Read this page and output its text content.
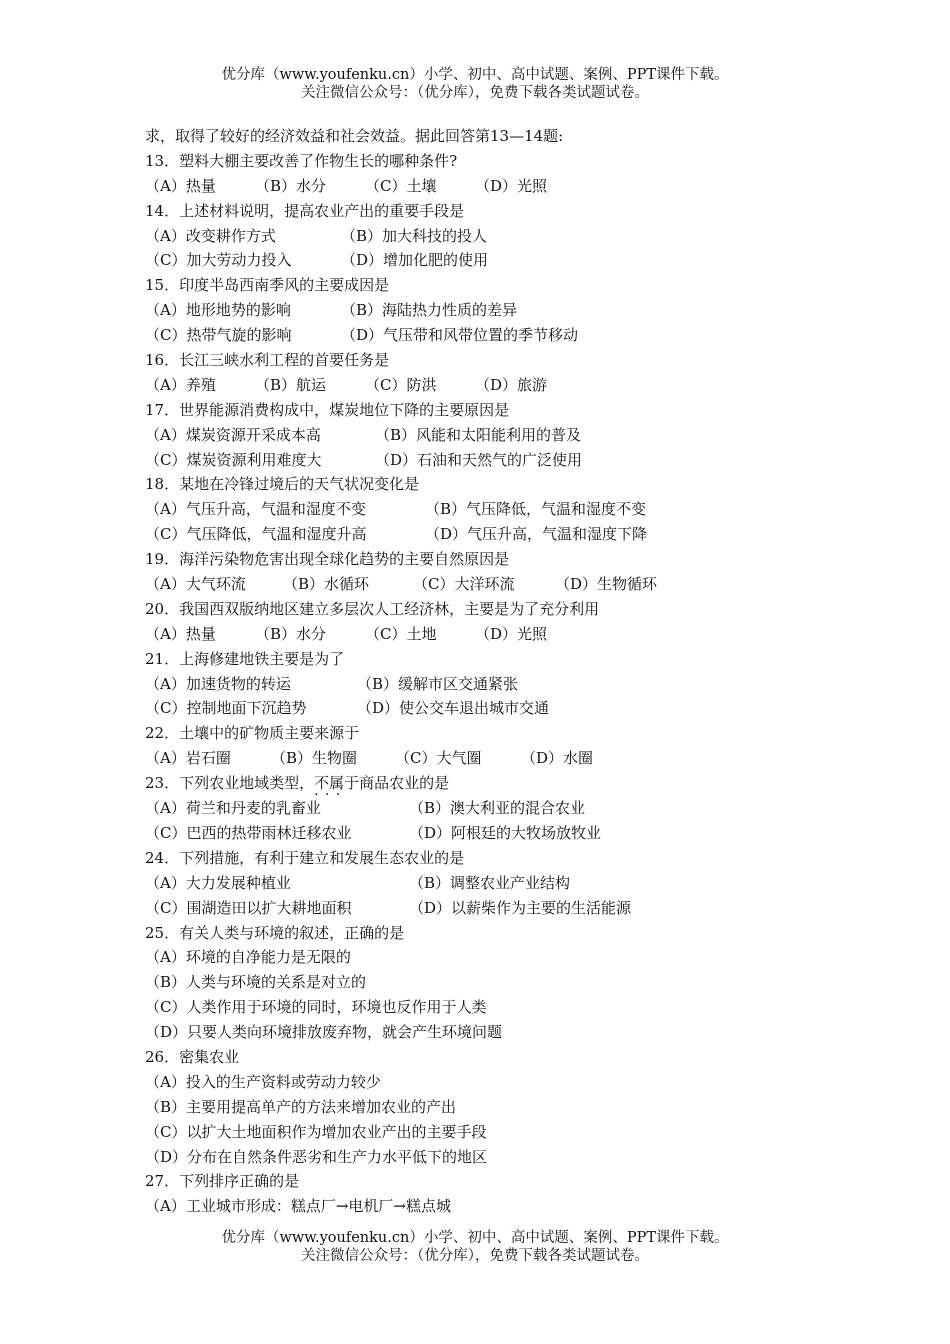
优分库（www.youfenku.cn）小学、初中、高中试题、案例、PPT课件下载。
关注微信公众号：（优分库），免费下载各类试题试卷。
求，取得了较好的经济效益和社会效益。据此回答第13—14题:
13．塑料大棚主要改善了作物生长的哪种条件?
（A）热量	（B）水分	（C）土壤	（D）光照
14．上述材料说明，提高农业产出的重要手段是
（A）改变耕作方式	（B）加大科技的投人
（C）加大劳动力投入	（D）增加化肥的使用
15．印度半岛西南季风的主要成因是
（A）地形地势的影响	（B）海陆热力性质的差异
（C）热带气旋的影响	（D）气压带和风带位置的季节移动
16．长江三峡水利工程的首要任务是
（A）养殖	（B）航运	（C）防洪	（D）旅游
17．世界能源消费构成中，煤炭地位下降的主要原因是
（A）煤炭资源开采成本高	（B）风能和太阳能利用的普及
（C）煤炭资源利用难度大	（D）石油和天然气的广泛使用
18．某地在冷锋过境后的天气状况变化是
（A）气压升高，气温和湿度不变	（B）气压降低，气温和湿度不变
（C）气压降低，气温和湿度升高	（D）气压升高，气温和湿度下降
19．海洋污染物危害出现全球化趋势的主要自然原因是
（A）大气环流	（B）水循环	（C）大洋环流	（D）生物循环
20．我国西双版纳地区建立多层次人工经济林，主要是为了充分利用
（A）热量	（B）水分	（C）土地	（D）光照
21．上海修建地铁主要是为了
（A）加速货物的转运	（B）缓解市区交通紧张
（C）控制地面下沉趋势	（D）使公交车退出城市交通
22．土壤中的矿物质主要来源于
（A）岩石圈	（B）生物圈	（C）大气圈	（D）水圈
23．下列农业地域类型，不属于 · · ·商品农业的是
（A）荷兰和丹麦的乳畜业	（B）澳大利亚的混合农业
（C）巴西的热带雨林迁移农业	（D）阿根廷的大牧场放牧业
24．下列措施，有利于建立和发展生态农业的是
（A）大力发展种植业	（B）调整农业产业结构
（C）围湖造田以扩大耕地面积	（D）以薪柴作为主要的生活能源
25．有关人类与环境的叙述，正确的是
（A）环境的自净能力是无限的
（B）人类与环境的关系是对立的
（C）人类作用于环境的同时，环境也反作用于人类
（D）只要人类向环境排放废弃物，就会产生环境问题
26．密集农业
（A）投入的生产资料或劳动力较少
（B）主要用提高单产的方法来增加农业的产出
（C）以扩大土地面积作为增加农业产出的主要手段
（D）分布在自然条件恶劣和生产力水平低下的地区
27．下列排序正确的是
（A）工业城市形成：糕点厂→电机厂→糕点城
优分库（www.youfenku.cn）小学、初中、高中试题、案例、PPT课件下载。
关注微信公众号：（优分库），免费下载各类试题试卷。
